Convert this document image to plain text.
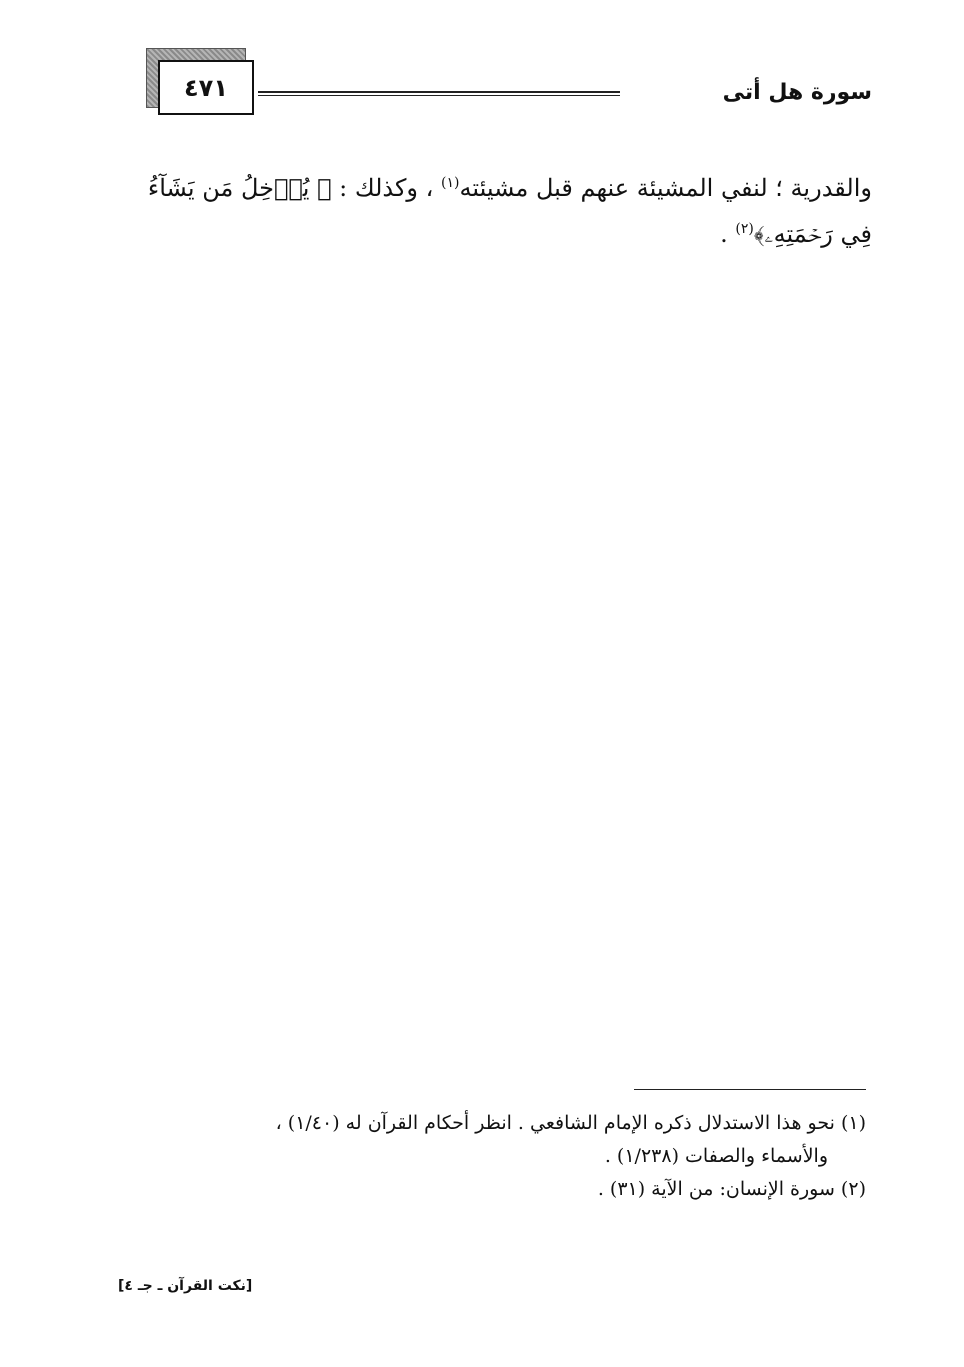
٤٧١	سورة هل أتى
والقدرية ؛ لنفي المشيئة عنهم قبل مشيئته$^{(١)}$ ، وكذلك : ﴿ يُدۡخِلُ مَن يَشَآءُ
فِي رَحۡمَتِهِۦ﴾$^{(٢)}$ .
(١) نحو هذا الاستدلال ذكره الإمام الشافعي . انظر أحكام القرآن له (١/٤٠) ،
والأسماء والصفات (١/٢٣٨) .
(٢) سورة الإنسان: من الآية (٣١) .
[نكت القرآن ـ جـ ٤]
